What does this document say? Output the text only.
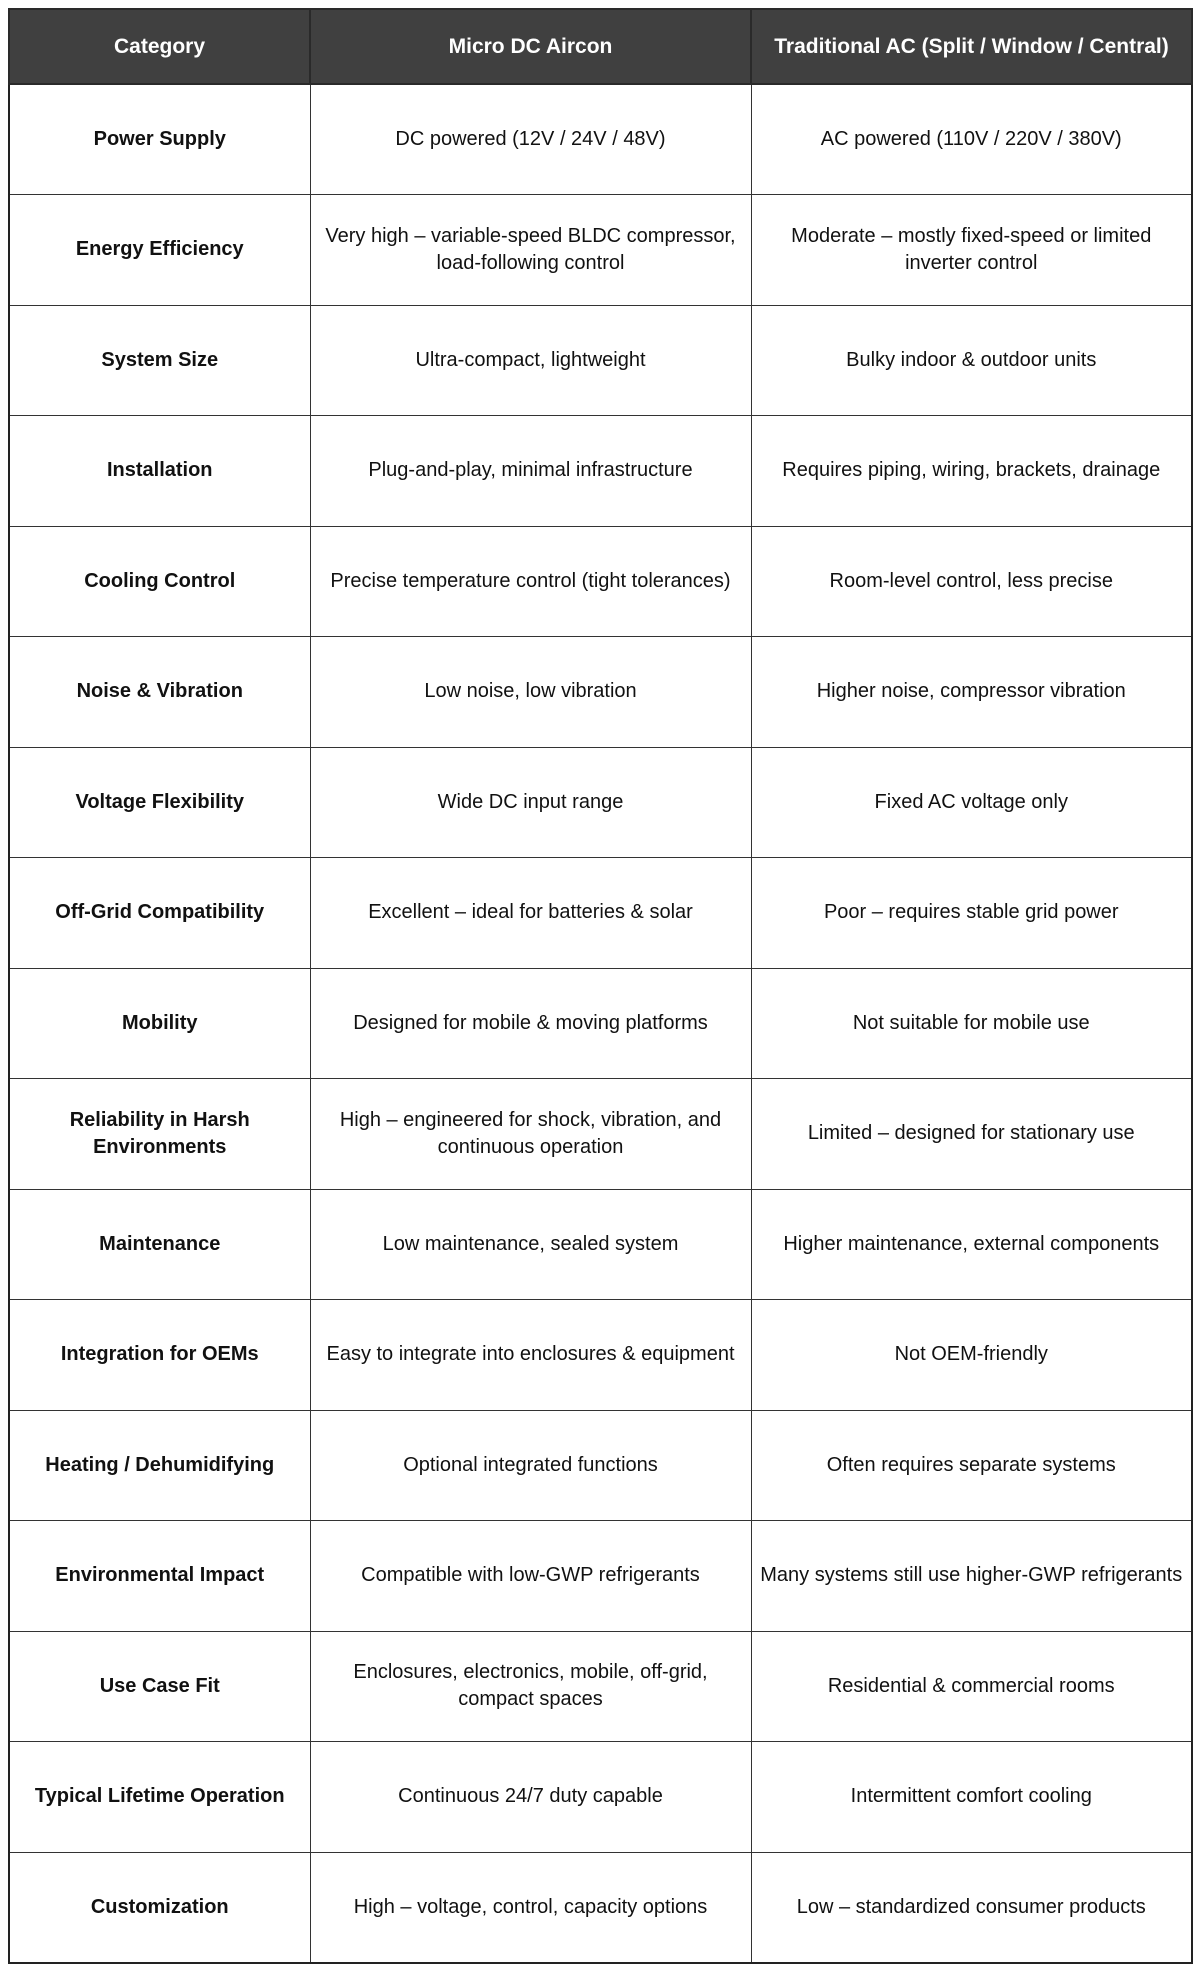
Category	Micro DC Aircon	Traditional AC (Split / Window / Central)
Power Supply	DC powered (12V / 24V / 48V)	AC powered (110V / 220V / 380V)
Energy Efficiency	Very high – variable-speed BLDC compressor, load-following control	Moderate – mostly fixed-speed or limited inverter control
System Size	Ultra-compact, lightweight	Bulky indoor & outdoor units
Installation	Plug-and-play, minimal infrastructure	Requires piping, wiring, brackets, drainage
Cooling Control	Precise temperature control (tight tolerances)	Room-level control, less precise
Noise & Vibration	Low noise, low vibration	Higher noise, compressor vibration
Voltage Flexibility	Wide DC input range	Fixed AC voltage only
Off-Grid Compatibility	Excellent – ideal for batteries & solar	Poor – requires stable grid power
Mobility	Designed for mobile & moving platforms	Not suitable for mobile use
Reliability in Harsh Environments	High – engineered for shock, vibration, and continuous operation	Limited – designed for stationary use
Maintenance	Low maintenance, sealed system	Higher maintenance, external components
Integration for OEMs	Easy to integrate into enclosures & equipment	Not OEM-friendly
Heating / Dehumidifying	Optional integrated functions	Often requires separate systems
Environmental Impact	Compatible with low-GWP refrigerants	Many systems still use higher-GWP refrigerants
Use Case Fit	Enclosures, electronics, mobile, off-grid, compact spaces	Residential & commercial rooms
Typical Lifetime Operation	Continuous 24/7 duty capable	Intermittent comfort cooling
Customization	High – voltage, control, capacity options	Low – standardized consumer products
